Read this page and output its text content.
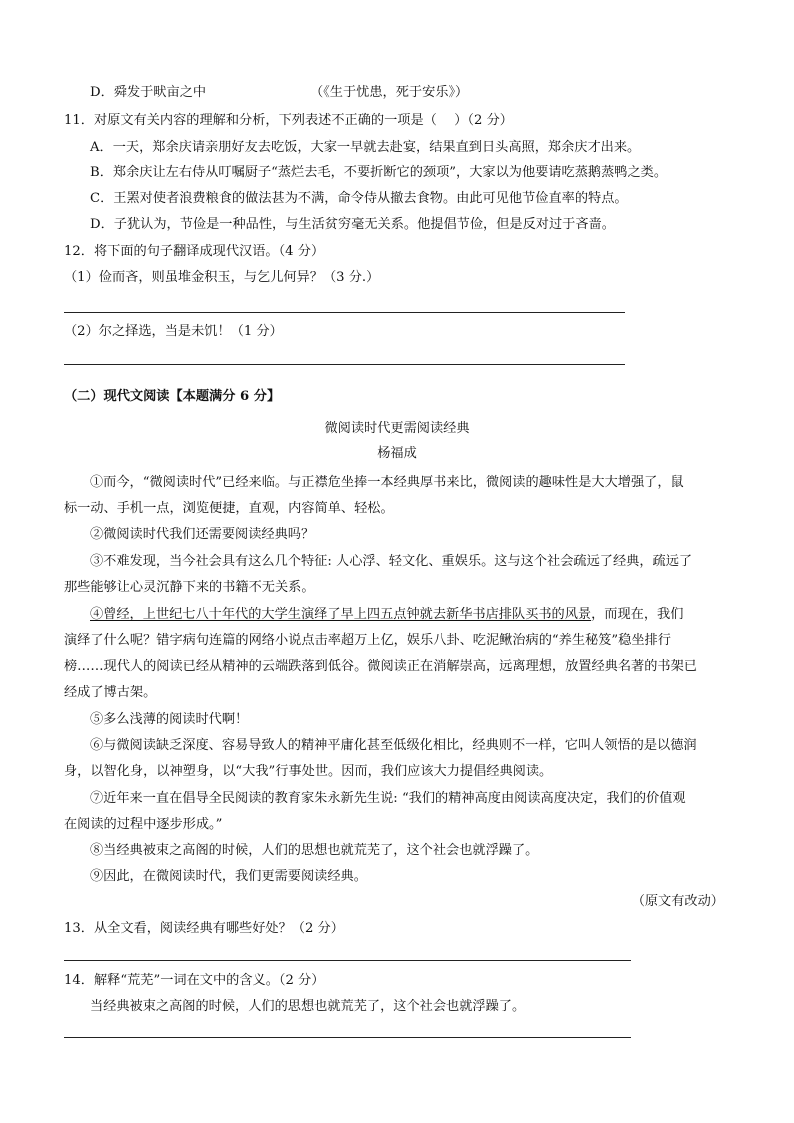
D．舜发于畎亩之中	（《生于忧患，死于安乐》）
11．对原文有关内容的理解和分析，下列表述不正确的一项是（　 ）（2 分）
A．一天，郑余庆请亲朋好友去吃饭，大家一早就去赴宴，结果直到日头高照，郑余庆才出来。
B．郑余庆让左右侍从叮嘱厨子“蒸烂去毛，不要折断它的颈项”，大家以为他要请吃蒸鹅蒸鸭之类。
C．王罴对使者浪费粮食的做法甚为不满，命令侍从撤去食物。由此可见他节俭直率的特点。
D．子犹认为，节俭是一种品性，与生活贫穷毫无关系。他提倡节俭，但是反对过于吝啬。
12．将下面的句子翻译成现代汉语。（4 分）
（1）俭而吝，则虽堆金积玉，与乞儿何异？（3 分.）
（2）尔之择选，当是未饥！（1 分）
（二）现代文阅读【本题满分 6 分】
微阅读时代更需阅读经典
杨福成
①而今，“微阅读时代”已经来临。与正襟危坐捧一本经典厚书来比，微阅读的趣味性是大大增强了，鼠
标一动、手机一点，浏览便捷，直观，内容简单、轻松。
②微阅读时代我们还需要阅读经典吗？
③不难发现，当今社会具有这么几个特征: 人心浮、轻文化、重娱乐。这与这个社会疏远了经典，疏远了
那些能够让心灵沉静下来的书籍不无关系。
④曾经，上世纪七八十年代的大学生演绎了早上四五点钟就去新华书店排队买书的风景，而现在，我们
演绎了什么呢？错字病句连篇的网络小说点击率超万上亿，娱乐八卦、吃泥鳅治病的“养生秘笈”稳坐排行
榜……现代人的阅读已经从精神的云端跌落到低谷。微阅读正在消解崇高，远离理想，放置经典名著的书架已
经成了博古架。
⑤多么浅薄的阅读时代啊！
⑥与微阅读缺乏深度、容易导致人的精神平庸化甚至低级化相比，经典则不一样，它叫人领悟的是以德润
身，以智化身，以神塑身，以“大我”行事处世。因而，我们应该大力提倡经典阅读。
⑦近年来一直在倡导全民阅读的教育家朱永新先生说: “我们的精神高度由阅读高度决定，我们的价值观
在阅读的过程中逐步形成。”
⑧当经典被束之高阁的时候，人们的思想也就荒芜了，这个社会也就浮躁了。
⑨因此，在微阅读时代，我们更需要阅读经典。
（原文有改动）
13．从全文看，阅读经典有哪些好处？（2 分）
14．解释“荒芜”一词在文中的含义。（2 分）
当经典被束之高阁的时候，人们的思想也就荒芜了，这个社会也就浮躁了。
